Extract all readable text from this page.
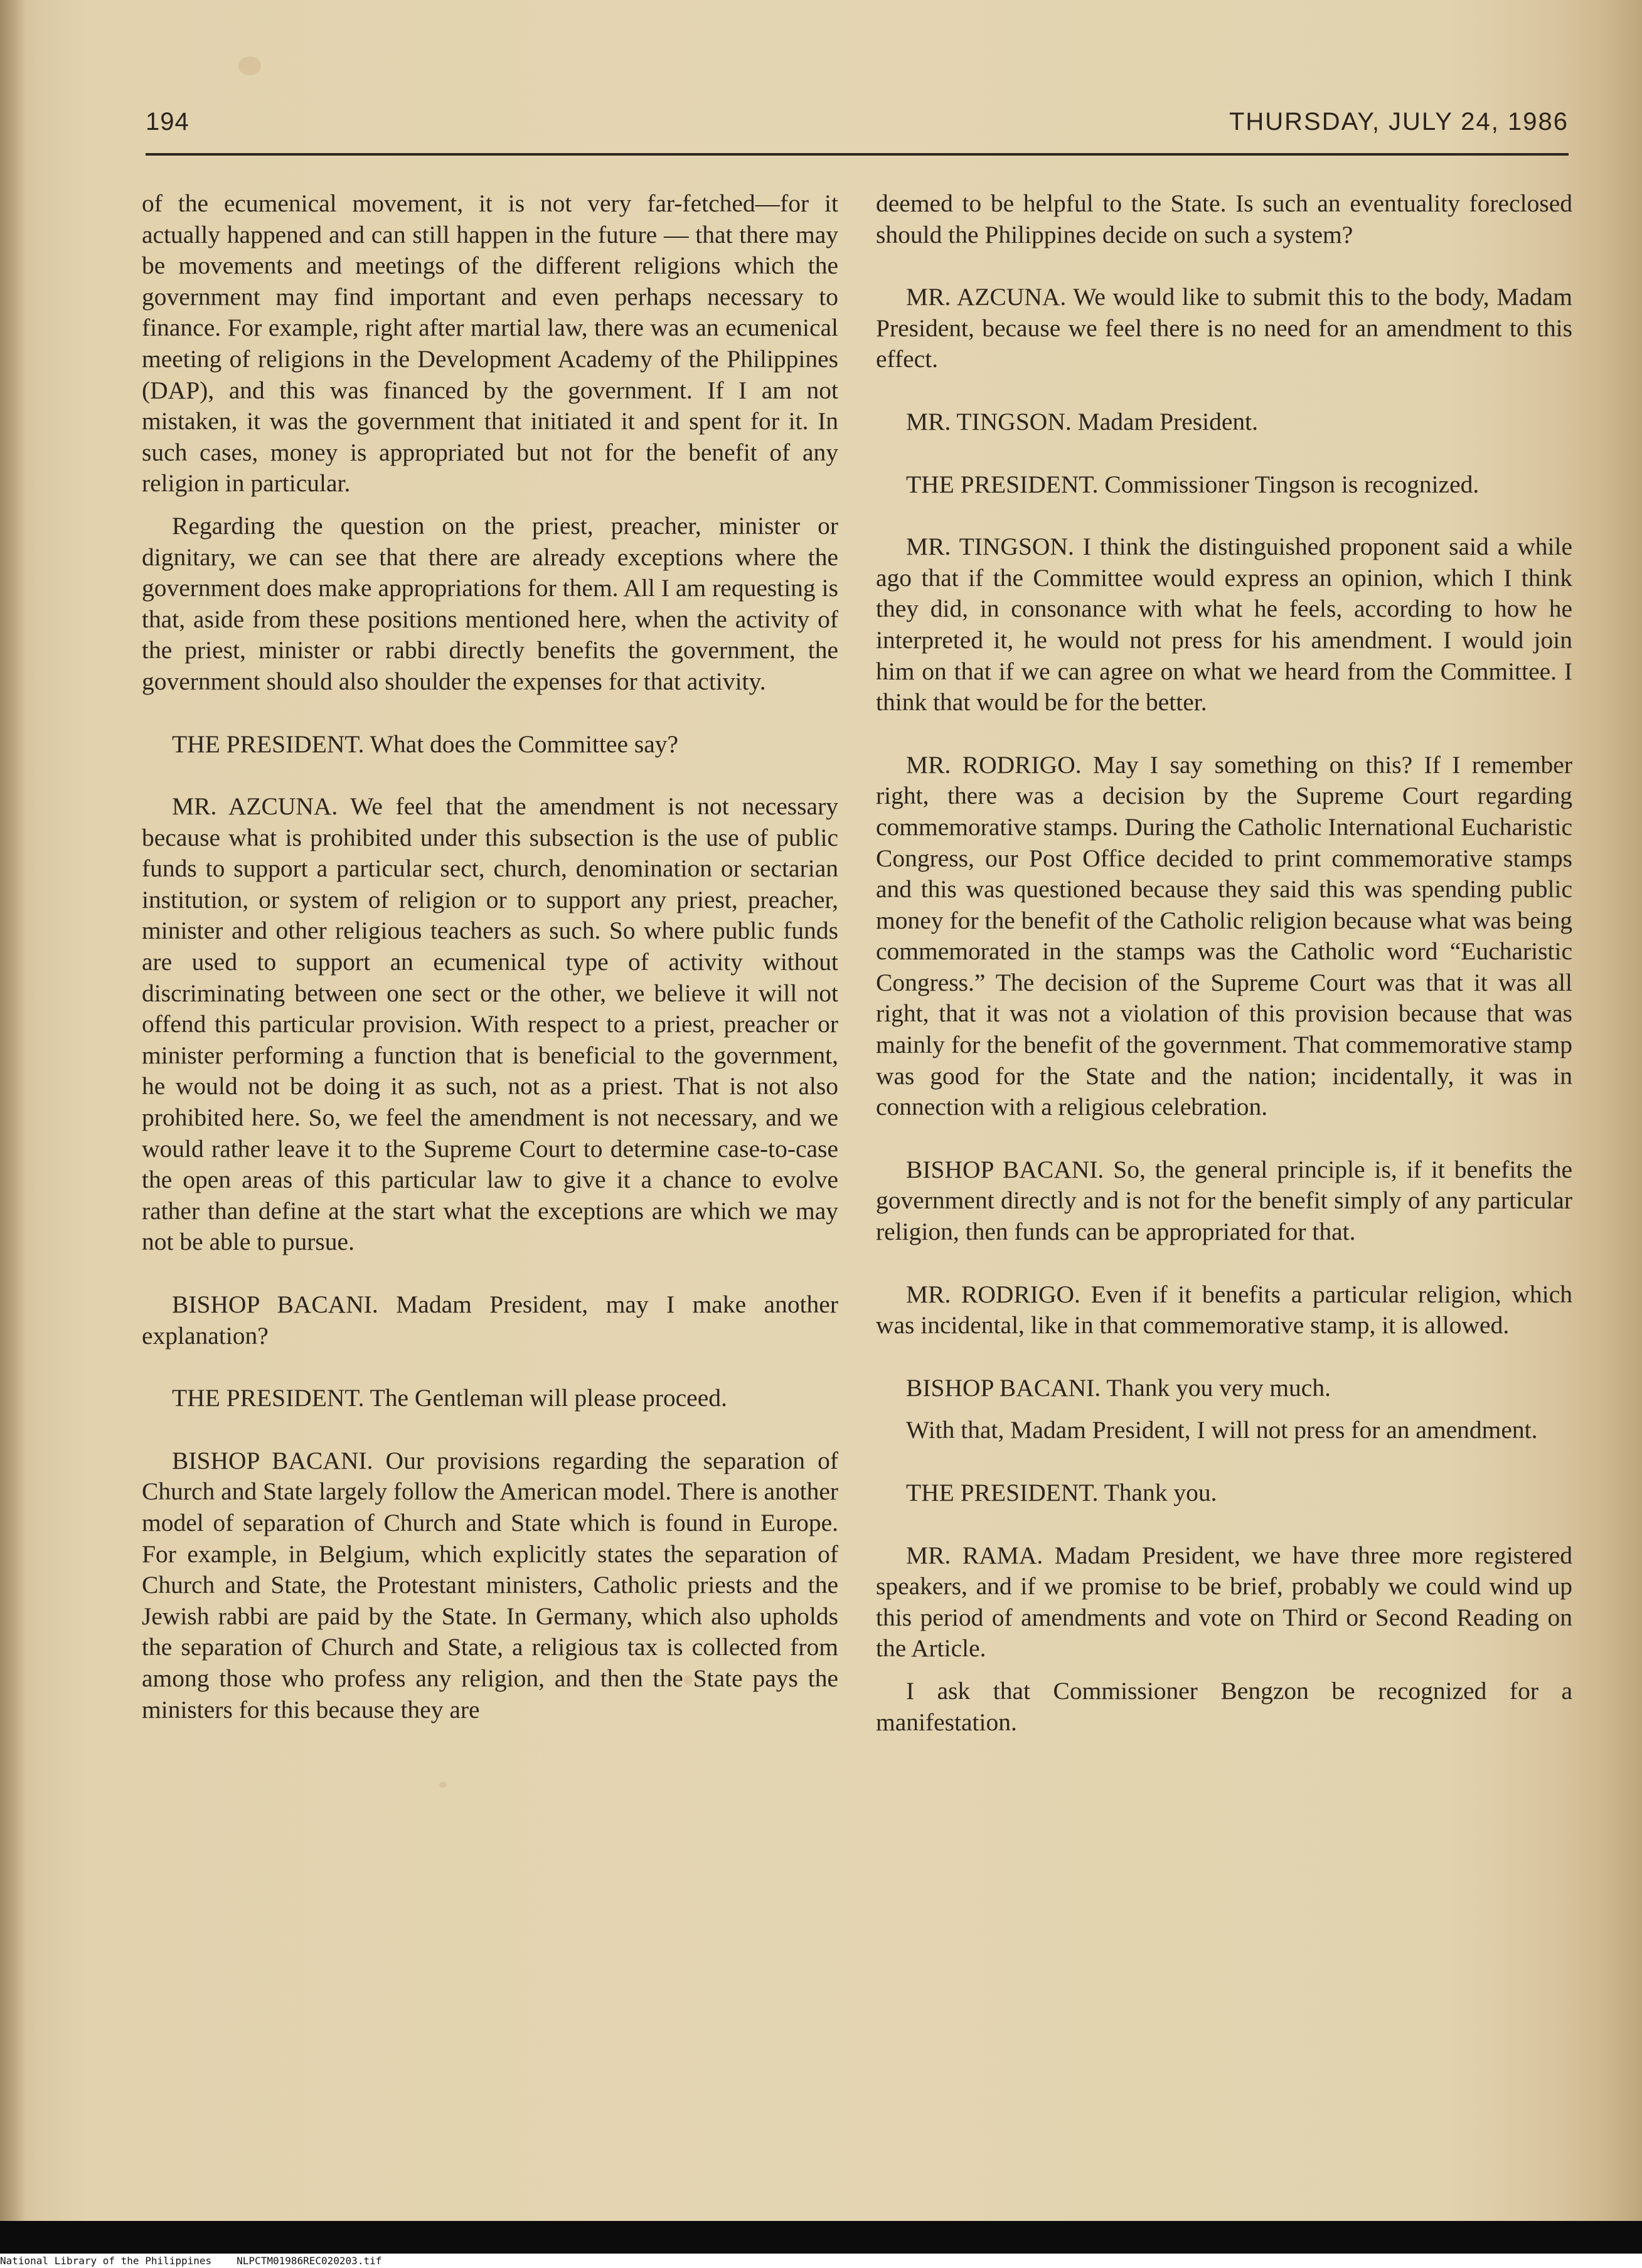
194	THURSDAY, JULY 24, 1986

of the ecumenical movement, it is not very far-fetched—for it actually happened and can still happen in the future — that there may be movements and meetings of the different religions which the government may find important and even perhaps necessary to finance. For example, right after martial law, there was an ecumenical meeting of religions in the Development Academy of the Philippines (DAP), and this was financed by the government. If I am not mistaken, it was the government that initiated it and spent for it. In such cases, money is appropriated but not for the benefit of any religion in particular.

Regarding the question on the priest, preacher, minister or dignitary, we can see that there are already exceptions where the government does make appropriations for them. All I am requesting is that, aside from these positions mentioned here, when the activity of the priest, minister or rabbi directly benefits the government, the government should also shoulder the expenses for that activity.

THE PRESIDENT. What does the Committee say?

MR. AZCUNA. We feel that the amendment is not necessary because what is prohibited under this subsection is the use of public funds to support a particular sect, church, denomination or sectarian institution, or system of religion or to support any priest, preacher, minister and other religious teachers as such. So where public funds are used to support an ecumenical type of activity without discriminating between one sect or the other, we believe it will not offend this particular provision. With respect to a priest, preacher or minister performing a function that is beneficial to the government, he would not be doing it as such, not as a priest. That is not also prohibited here. So, we feel the amendment is not necessary, and we would rather leave it to the Supreme Court to determine case-to-case the open areas of this particular law to give it a chance to evolve rather than define at the start what the exceptions are which we may not be able to pursue.

BISHOP BACANI. Madam President, may I make another explanation?

THE PRESIDENT. The Gentleman will please proceed.

BISHOP BACANI. Our provisions regarding the separation of Church and State largely follow the American model. There is another model of separation of Church and State which is found in Europe. For example, in Belgium, which explicitly states the separation of Church and State, the Protestant ministers, Catholic priests and the Jewish rabbi are paid by the State. In Germany, which also upholds the separation of Church and State, a religious tax is collected from among those who profess any religion, and then the State pays the ministers for this because they are

deemed to be helpful to the State. Is such an eventuality foreclosed should the Philippines decide on such a system?

MR. AZCUNA. We would like to submit this to the body, Madam President, because we feel there is no need for an amendment to this effect.

MR. TINGSON. Madam President.

THE PRESIDENT. Commissioner Tingson is recognized.

MR. TINGSON. I think the distinguished proponent said a while ago that if the Committee would express an opinion, which I think they did, in consonance with what he feels, according to how he interpreted it, he would not press for his amendment. I would join him on that if we can agree on what we heard from the Committee. I think that would be for the better.

MR. RODRIGO. May I say something on this? If I remember right, there was a decision by the Supreme Court regarding commemorative stamps. During the Catholic International Eucharistic Congress, our Post Office decided to print commemorative stamps and this was questioned because they said this was spending public money for the benefit of the Catholic religion because what was being commemorated in the stamps was the Catholic word “Eucharistic Congress.” The decision of the Supreme Court was that it was all right, that it was not a violation of this provision because that was mainly for the benefit of the government. That commemorative stamp was good for the State and the nation; incidentally, it was in connection with a religious celebration.

BISHOP BACANI. So, the general principle is, if it benefits the government directly and is not for the benefit simply of any particular religion, then funds can be appropriated for that.

MR. RODRIGO. Even if it benefits a particular religion, which was incidental, like in that commemorative stamp, it is allowed.

BISHOP BACANI. Thank you very much.

With that, Madam President, I will not press for an amendment.

THE PRESIDENT. Thank you.

MR. RAMA. Madam President, we have three more registered speakers, and if we promise to be brief, probably we could wind up this period of amendments and vote on Third or Second Reading on the Article.

I ask that Commissioner Bengzon be recognized for a manifestation.

National Library of the Philippines	NLPCTM01986REC020203.tif
